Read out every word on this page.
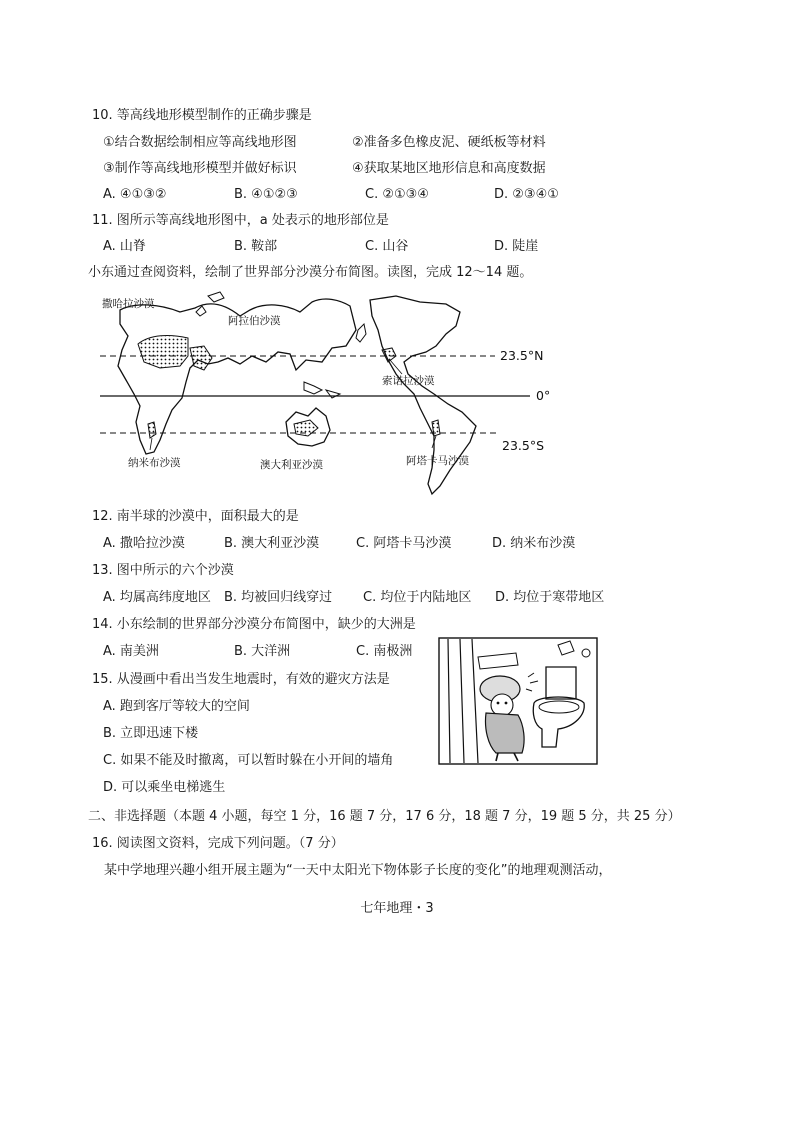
10. 等高线地形模型制作的正确步骤是
①结合数据绘制相应等高线地形图	②准备多色橡皮泥、硬纸板等材料
③制作等高线地形模型并做好标识	④获取某地区地形信息和高度数据
A. ④①③②	B. ④①②③	C. ②①③④	D. ②③④①
11. 图所示等高线地形图中，a 处表示的地形部位是
A. 山脊	B. 鞍部	C. 山谷	D. 陡崖
小东通过查阅资料，绘制了世界部分沙漠分布简图。读图，完成 12～14 题。
撒哈拉沙漠
阿拉伯沙漠
索诺拉沙漠
纳米布沙漠	澳大利亚沙漠	阿塔卡马沙漠
23.5°N
0°
23.5°S
12. 南半球的沙漠中，面积最大的是
A. 撒哈拉沙漠	B. 澳大利亚沙漠	C. 阿塔卡马沙漠	D. 纳米布沙漠
13. 图中所示的六个沙漠
A. 均属高纬度地区 B. 均被回归线穿过 C. 均位于内陆地区 D. 均位于寒带地区
14. 小东绘制的世界部分沙漠分布简图中，缺少的大洲是
A. 南美洲	B. 大洋洲	C. 南极洲
15. 从漫画中看出当发生地震时，有效的避灾方法是
A. 跑到客厅等较大的空间
B. 立即迅速下楼
C. 如果不能及时撤离，可以暂时躲在小开间的墙角
D. 可以乘坐电梯逃生
二、非选择题（本题 4 小题，每空 1 分，16 题 7 分，17 6 分，18 题 7 分，19 题 5 分，共 25 分）
16. 阅读图文资料，完成下列问题。（7 分）
某中学地理兴趣小组开展主题为“一天中太阳光下物体影子长度的变化”的地理观测活动，
七年地理・3
